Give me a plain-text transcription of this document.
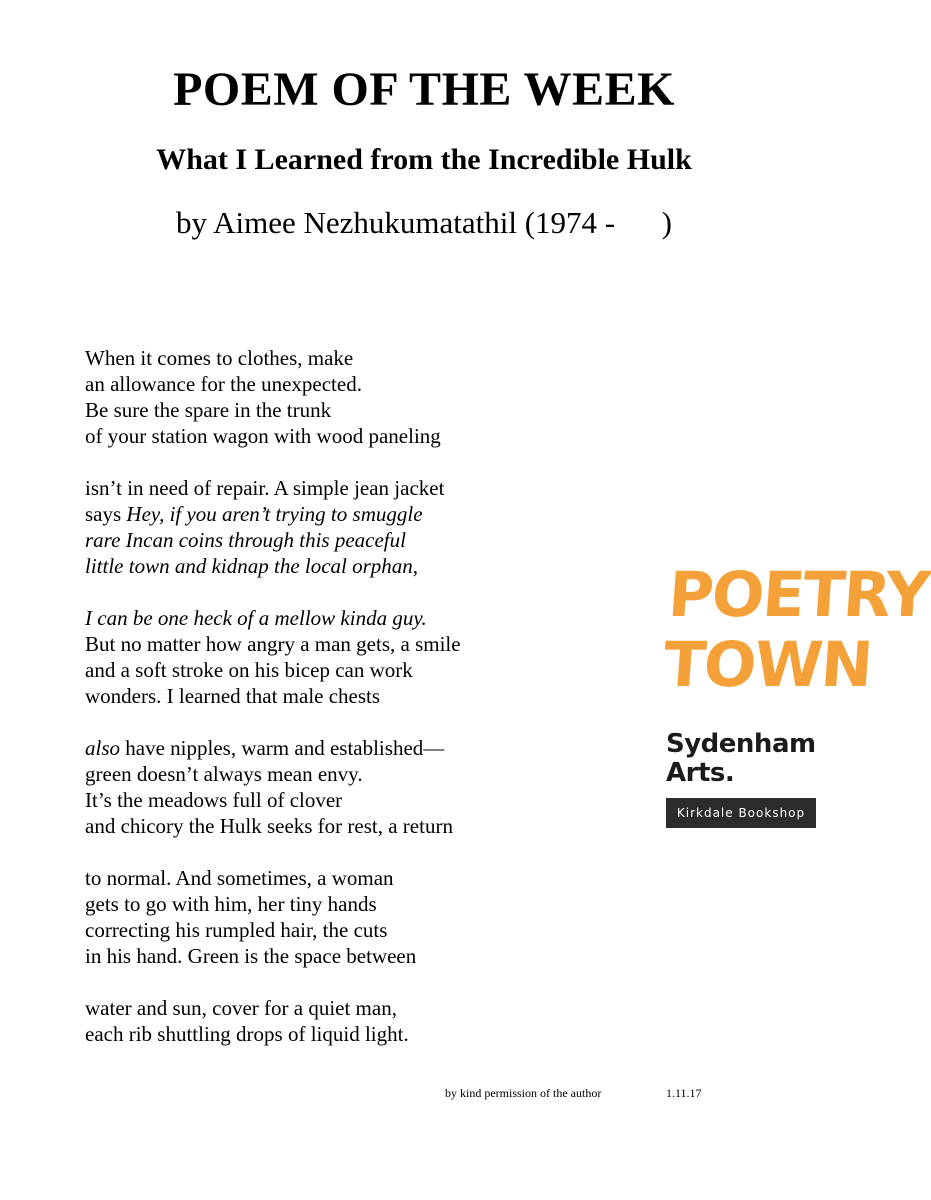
POEM OF THE WEEK
What I Learned from the Incredible Hulk
by Aimee Nezhukumatathil (1974 -      )
When it comes to clothes, make
an allowance for the unexpected.
Be sure the spare in the trunk
of your station wagon with wood paneling
isn’t in need of repair. A simple jean jacket
says Hey, if you aren’t trying to smuggle
rare Incan coins through this peaceful
little town and kidnap the local orphan,
I can be one heck of a mellow kinda guy.
But no matter how angry a man gets, a smile
and a soft stroke on his bicep can work
wonders. I learned that male chests
also have nipples, warm and established—
green doesn’t always mean envy.
It’s the meadows full of clover
and chicory the Hulk seeks for rest, a return
to normal. And sometimes, a woman
gets to go with him, her tiny hands
correcting his rumpled hair, the cuts
in his hand. Green is the space between
water and sun, cover for a quiet man,
each rib shuttling drops of liquid light.
POETRY
TOWN
Sydenham
Arts.
Kirkdale Bookshop
by kind permission of the author	1.11.17
